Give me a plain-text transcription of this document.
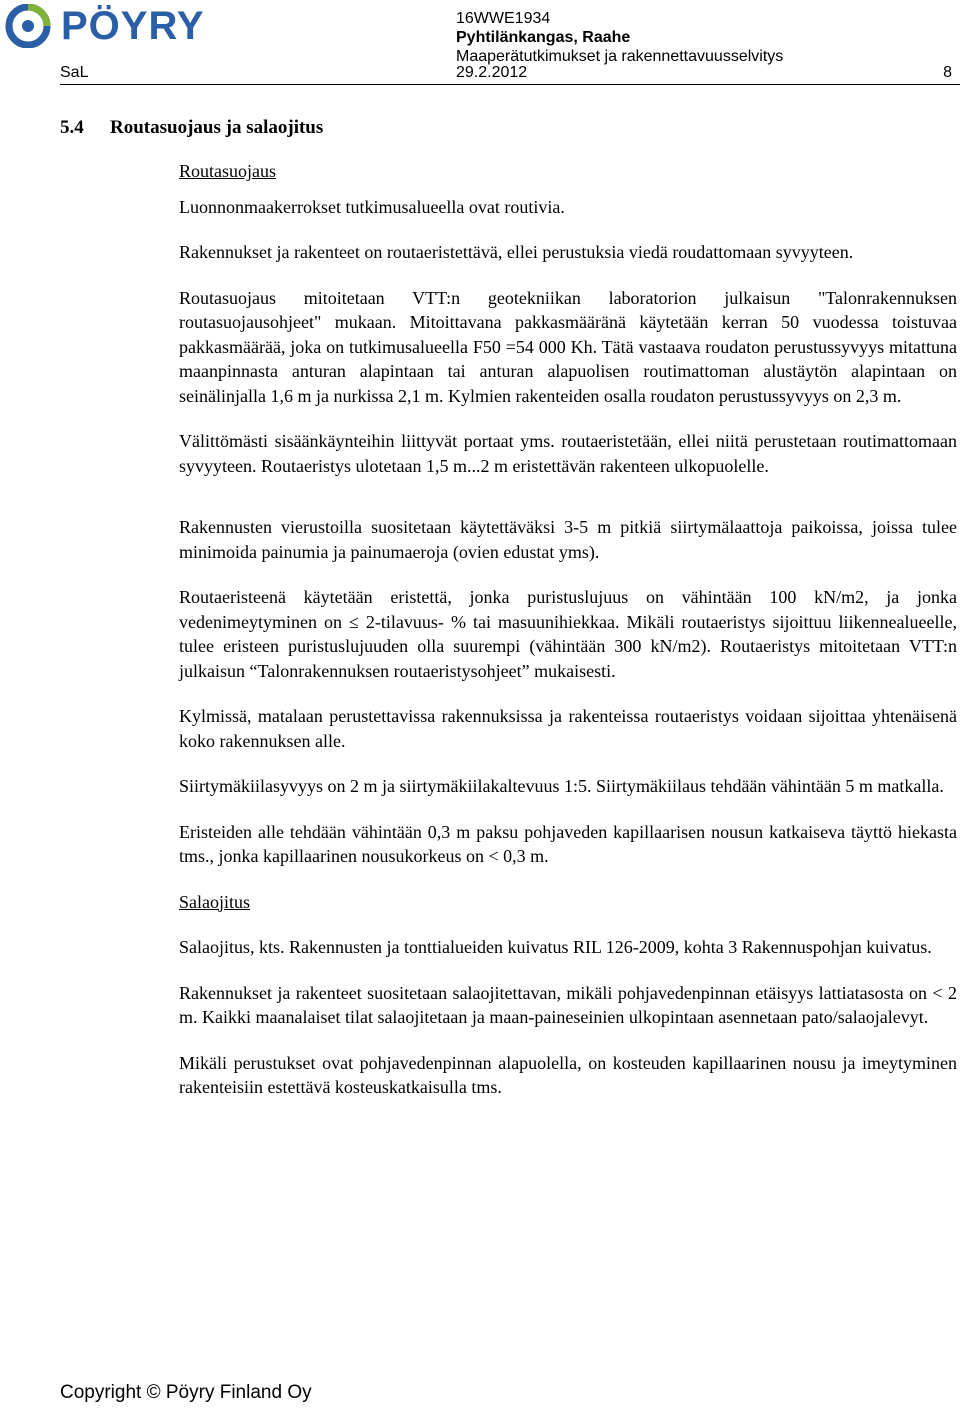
PÖYRY	16WWE1934
Pyhtilänkangas, Raahe
Maaperätutkimukset ja rakennettavuusselvitys
SaL	29.2.2012	8
5.4 Routasuojaus ja salaojitus

Routasuojaus

Luonnonmaakerrokset tutkimusalueella ovat routivia.

Rakennukset ja rakenteet on routaeristettävä, ellei perustuksia viedä roudattomaan syvyyteen.

Routasuojaus mitoitetaan VTT:n geotekniikan laboratorion julkaisun "Talonrakennuksen routasuojausohjeet" mukaan. Mitoittavana pakkasmääränä käytetään kerran 50 vuodessa toistuvaa pakkasmäärää, joka on tutkimusalueella F50 =54 000 Kh. Tätä vastaava roudaton perustussyvyys mitattuna maanpinnasta anturan alapintaan tai anturan alapuolisen routimattoman alustäytön alapintaan on seinälinjalla 1,6 m ja nurkissa 2,1 m. Kylmien rakenteiden osalla roudaton perustussyvyys on 2,3 m.

Välittömästi sisäänkäynteihin liittyvät portaat yms. routaeristetään, ellei niitä perustetaan routimattomaan syvyyteen. Routaeristys ulotetaan 1,5 m...2 m eristettävän rakenteen ulkopuolelle.

Rakennusten vierustoilla suositetaan käytettäväksi 3-5 m pitkiä siirtymälaattoja paikoissa, joissa tulee minimoida painumia ja painumaeroja (ovien edustat yms).

Routaeristeenä käytetään eristettä, jonka puristuslujuus on vähintään 100 kN/m2, ja jonka vedenimeytyminen on ≤ 2-tilavuus- % tai masuunihiekkaa. Mikäli routaeristys sijoittuu liikennealueelle, tulee eristeen puristuslujuuden olla suurempi (vähintään 300 kN/m2). Routaeristys mitoitetaan VTT:n julkaisun “Talonrakennuksen routaeristysohjeet” mukaisesti.

Kylmissä, matalaan perustettavissa rakennuksissa ja rakenteissa routaeristys voidaan sijoittaa yhtenäisenä koko rakennuksen alle.

Siirtymäkiilasyvyys on 2 m ja siirtymäkiilakaltevuus 1:5. Siirtymäkiilaus tehdään vähintään 5 m matkalla.

Eristeiden alle tehdään vähintään 0,3 m paksu pohjaveden kapillaarisen nousun katkaiseva täyttö hiekasta tms., jonka kapillaarinen nousukorkeus on < 0,3 m.

Salaojitus

Salaojitus, kts. Rakennusten ja tonttialueiden kuivatus RIL 126-2009, kohta 3 Rakennuspohjan kuivatus.

Rakennukset ja rakenteet suositetaan salaojitettavan, mikäli pohjavedenpinnan etäisyys lattiatasosta on < 2 m. Kaikki maanalaiset tilat salaojitetaan ja maan-paineseinien ulkopintaan asennetaan pato/salaojalevyt.

Mikäli perustukset ovat pohjavedenpinnan alapuolella, on kosteuden kapillaarinen nousu ja imeytyminen rakenteisiin estettävä kosteuskatkaisulla tms.

Copyright © Pöyry Finland Oy
